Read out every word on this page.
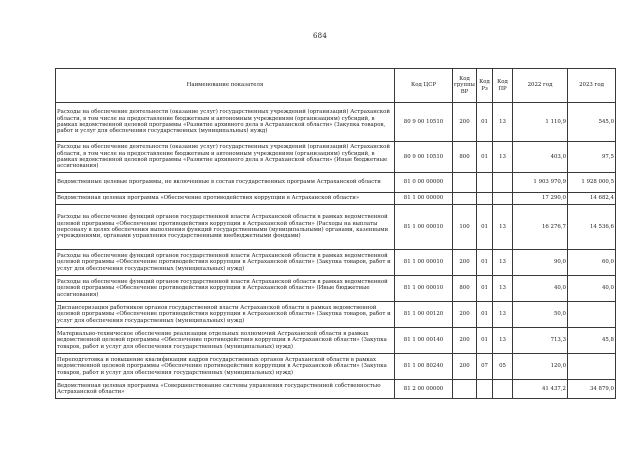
684
Наименование показателя	Код ЦСР	Код группы ВР	Код Рз	Код ПР	2022 год	2023 год
Расходы на обеспечение деятельности (оказание услуг) государственных учреждений (организаций) Астраханской области, в том числе на предоставление бюджетным и автономным учреждениям (организациям) субсидий, в рамках ведомственной целевой программы «Развитие архивного дела в Астраханской области» (Закупка товаров, работ и услуг для обеспечения государственных (муниципальных) нужд)	80 9 00 10510	200	01	13	1 110,9	545,0
Расходы на обеспечение деятельности (оказание услуг) государственных учреждений (организаций) Астраханской области, в том числе на предоставление бюджетным и автономным учреждениям (организациям) субсидий, в рамках ведомственной целевой программы «Развитие архивного дела в Астраханской области» (Иные бюджетные ассигнования)	80 9 00 10510	800	01	13	403,0	97,5
Ведомственные целевые программы, не включенные в состав государственных программ Астраханской области	81 0 00 00000				1 903 970,9	1 928 000,5
Ведомственная целевая программа «Обеспечение противодействия коррупции в Астраханской области»	81 1 00 00000				17 290,0	14 682,4
Расходы на обеспечение функций органов государственной власти Астраханской области в рамках ведомственной целевой программы «Обеспечение противодействия коррупции в Астраханской области» (Расходы на выплаты персоналу в целях обеспечения выполнения функций государственными (муниципальными) органами, казенными учреждениями, органами управления государственными внебюджетными фондами)	81 1 00 00010	100	01	13	16 276,7	14 536,6
Расходы на обеспечение функций органов государственной власти Астраханской области в рамках ведомственной целевой программы «Обеспечение противодействия коррупции в Астраханской области» (Закупка товаров, работ и услуг для обеспечения государственных (муниципальных) нужд)	81 1 00 00010	200	01	13	90,0	60,0
Расходы на обеспечение функций органов государственной власти Астраханской области в рамках ведомственной целевой программы «Обеспечение противодействия коррупции в Астраханской области» (Иные бюджетные ассигнования)	81 1 00 00010	800	01	13	40,0	40,0
Диспансеризация работников органов государственной власти Астраханской области в рамках ведомственной целевой программы «Обеспечение противодействия коррупции в Астраханской области» (Закупка товаров, работ и услуг для обеспечения государственных (муниципальных) нужд)	81 1 00 00120	200	01	13	50,0	
Материально-техническое обеспечение реализации отдельных полномочий Астраханской области в рамках ведомственной целевой программы «Обеспечение противодействия коррупции в Астраханской области» (Закупка товаров, работ и услуг для обеспечения государственных (муниципальных) нужд)	81 1 00 00140	200	01	13	713,3	45,8
Переподготовка и повышение квалификации кадров государственных органов Астраханской области в рамках ведомственной целевой программы «Обеспечение противодействия коррупции в Астраханской области» (Закупка товаров, работ и услуг для обеспечения государственных (муниципальных) нужд)	81 1 00 80240	200	07	05	120,0	
Ведомственная целевая программа «Совершенствование системы управления государственной собственностью Астраханской области»	81 2 00 00000				41 437,2	34 879,0
